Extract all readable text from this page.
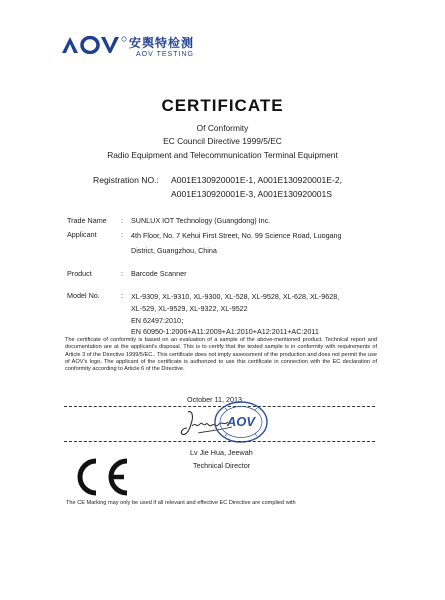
安舆特检测
AOV TESTING
CERTIFICATE
Of Conformity
EC Council Directive 1999/5/EC
Radio Equipment and Telecommunication Terminal Equipment
Registration NO.: A001E130920001E-1, A001E130920001E-2,
A001E130920001E-3, A001E130920001S
Trade Name : SUNLUX IOT Technology (Guangdong) Inc.
Applicant	: 4th Floor, No. 7 Kehui First Street, No. 99 Science Road, Luogang
District, Guangzhou, China
Product	: Barcode Scanner
Model No.	: XL-9309, XL-9310, XL-9300, XL-528, XL-9528, XL-628, XL-9628,
XL-529, XL-9529, XL-9322, XL-9522
EN 62497:2010；
EN 60950-1:2006+A11:2009+A1:2010+A12:2011+AC:2011
The certificate of conformity is based on an evaluation of a sample of the above-mentioned product. Technical report and documentation are at the applicant's disposal. This is to certify that the tested sample is in conformity with requirements of Article 3 of the Directive 1999/5/EC.. This certificate does not imply assessment of the production and does not permit the use of AOV's logo. The applicant of the certificate is authorized to use this certificate in connection with the EC declaration of conformity according to Article 6 of the Directive.
October 11, 2013
AOV
Lv Jie Hua, Jeewah
Technical Director
The CE Marking may only be used if all relevant and effective EC Directive are complied with
